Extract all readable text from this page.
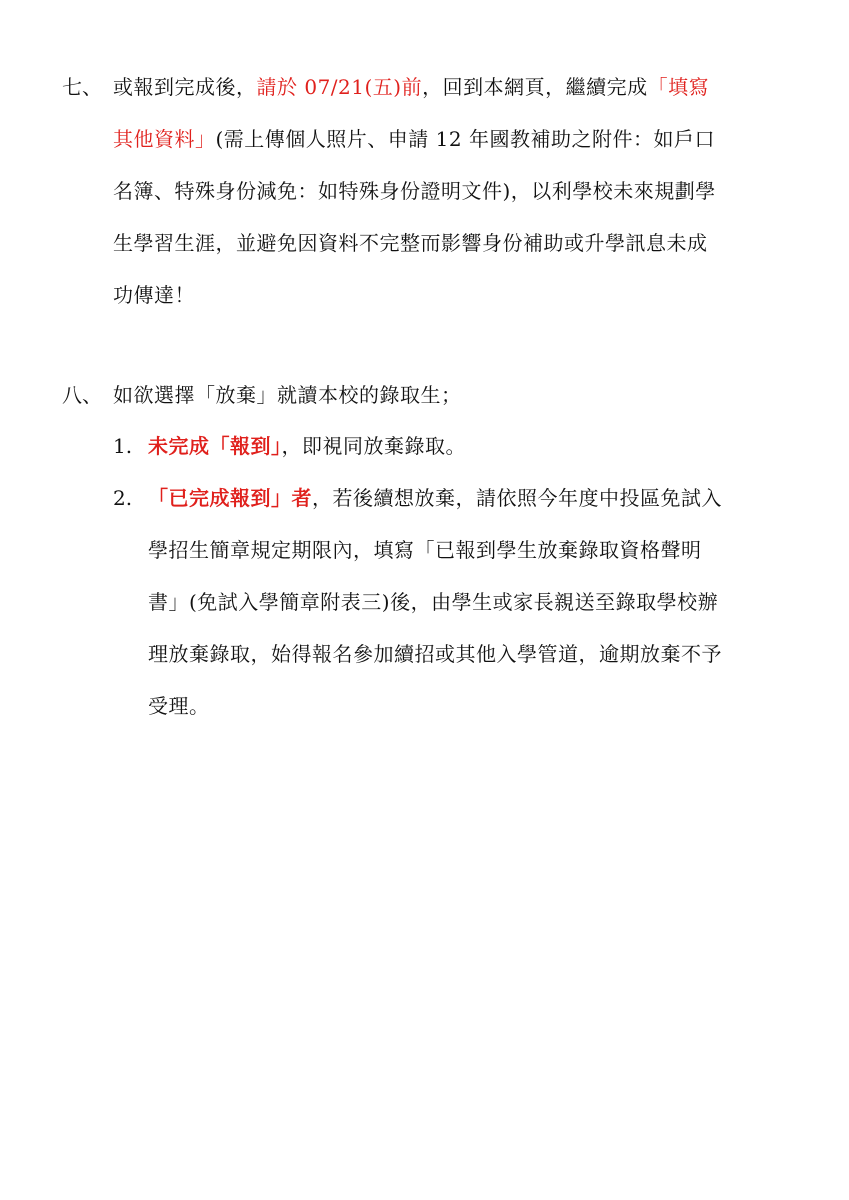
七、 或報到完成後，請於 07/21(五)前，回到本網頁，繼續完成「填寫
其他資料」(需上傳個人照片、申請 12 年國教補助之附件：如戶口
名簿、特殊身份減免：如特殊身份證明文件)，以利學校未來規劃學
生學習生涯，並避免因資料不完整而影響身份補助或升學訊息未成
功傳達！
八、 如欲選擇「放棄」就讀本校的錄取生；
1. 未完成「報到」，即視同放棄錄取。
2. 「已完成報到」者，若後續想放棄，請依照今年度中投區免試入
學招生簡章規定期限內，填寫「已報到學生放棄錄取資格聲明
書」(免試入學簡章附表三)後，由學生或家長親送至錄取學校辦
理放棄錄取，始得報名參加續招或其他入學管道，逾期放棄不予
受理。
